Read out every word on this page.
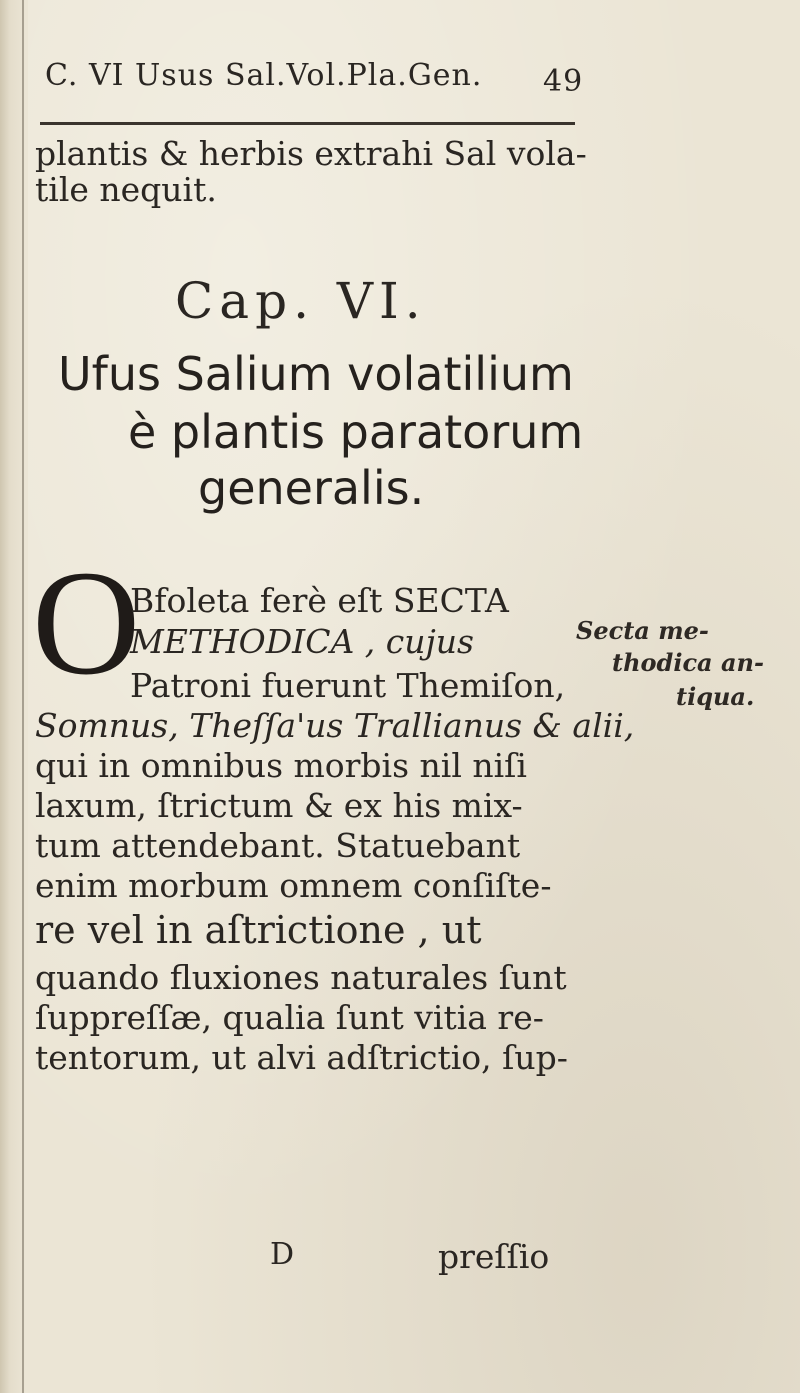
C. VI Usus Sal.Vol.Pla.Gen. 49
plantis & herbis extrahi Sal vola-
tile nequit.
Cap. VI.
Ufus Salium volatilium
è plantis paratorum
generalis.
O
Bfoleta ferè eſt SECTA
METHODICA , cujus
Patroni fuerunt Themiſon,
Somnus, Theſſa'us Trallianus & alii,
qui in omnibus morbis nil niſi
laxum, ſtrictum & ex his mix-
tum attendebant. Statuebant
enim morbum omnem conſiſte-
re vel in aſtrictione , ut
quando fluxiones naturales ſunt
ſuppreſſæ, qualia ſunt vitia re-
tentorum, ut alvi adſtrictio, ſup-
Secta me-
thodica an-
tiqua.
D	preſſio
